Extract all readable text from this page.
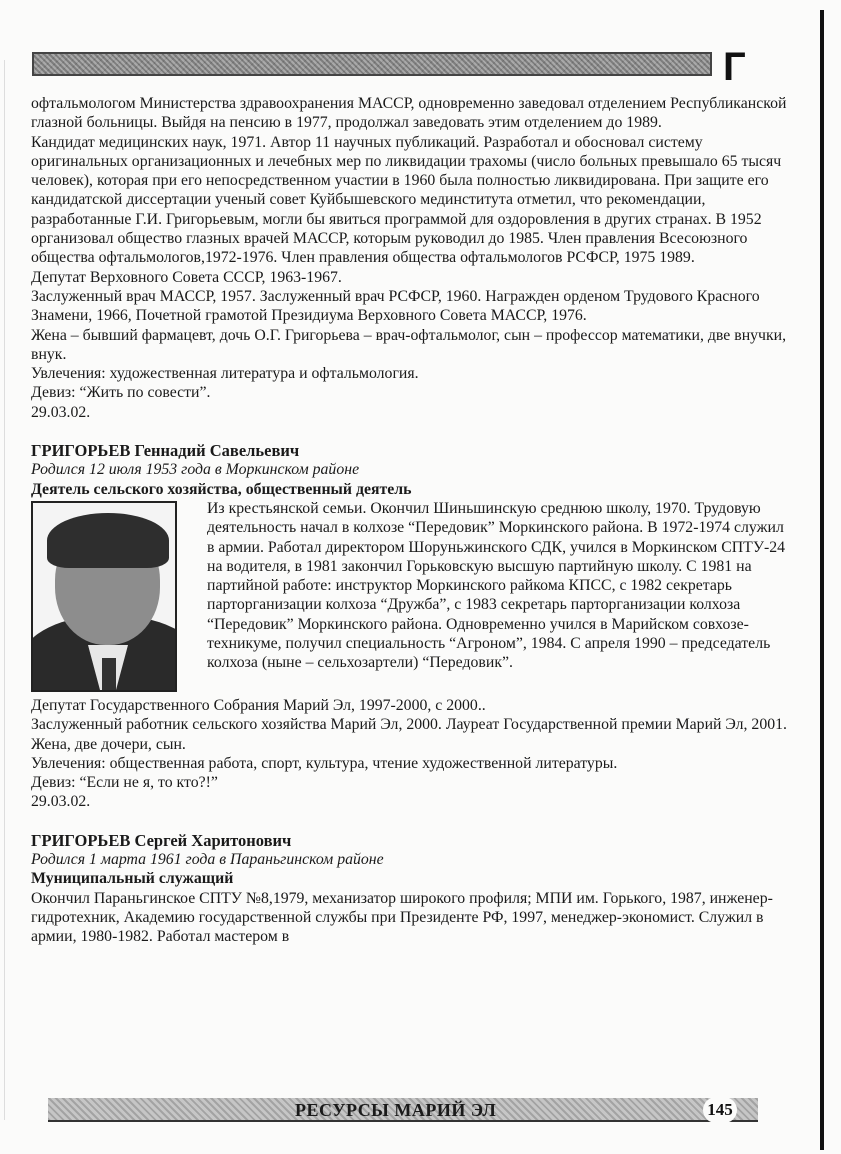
Г

офтальмологом Министерства здравоохранения МАССР, одновременно заведовал отделением Республиканской глазной больницы. Выйдя на пенсию в 1977, продолжал заведовать этим отделением до 1989.

Кандидат медицинских наук, 1971. Автор 11 научных публикаций. Разработал и обосновал систему оригинальных организационных и лечебных мер по ликвидации трахомы (число больных превышало 65 тысяч человек), которая при его непосредственном участии в 1960 была полностью ликвидирована. При защите его кандидатской диссертации ученый совет Куйбышевского мединститута отметил, что рекомендации, разработанные Г.И. Григорьевым, могли бы явиться программой для оздоровления в других странах. В 1952 организовал общество глазных врачей МАССР, которым руководил до 1985. Член правления Всесоюзного общества офтальмологов,1972-1976. Член правления общества офтальмологов РСФСР, 1975 1989.

Депутат Верховного Совета СССР, 1963-1967.

Заслуженный врач МАССР, 1957. Заслуженный врач РСФСР, 1960. Награжден орденом Трудового Красного Знамени, 1966, Почетной грамотой Президиума Верховного Совета МАССР, 1976.

Жена – бывший фармацевт, дочь О.Г. Григорьева – врач-офтальмолог, сын – профессор математики, две внучки, внук.

Увлечения: художественная литература и офтальмология.

Девиз: “Жить по совести”.

29.03.02.

ГРИГОРЬЕВ Геннадий Савельевич

Родился 12 июля 1953 года в Моркинском районе

Деятель сельского хозяйства, общественный деятель

Из крестьянской семьи. Окончил Шиньшинскую среднюю школу, 1970. Трудовую деятельность начал в колхозе “Передовик” Моркинского района. В 1972-1974 служил в армии. Работал директором Шоруньжинского СДК, учился в Моркинском СПТУ-24 на водителя, в 1981 закончил Горьковскую высшую партийную школу. С 1981 на партийной работе: инструктор Моркинского райкома КПСС, с 1982 секретарь парторганизации колхоза “Дружба”, с 1983 секретарь парторганизации колхоза “Передовик” Моркинского района. Одновременно учился в Марийском совхозе-техникуме, получил специальность “Агроном”, 1984. С апреля 1990 – председатель колхоза (ныне – сельхозартели) “Передовик”.

Депутат Государственного Собрания Марий Эл, 1997-2000, с 2000..

Заслуженный работник сельского хозяйства Марий Эл, 2000. Лауреат Государственной премии Марий Эл, 2001.

Жена, две дочери, сын.

Увлечения: общественная работа, спорт, культура, чтение художественной литературы.

Девиз: “Если не я, то кто?!”

29.03.02.

ГРИГОРЬЕВ Сергей Харитонович

Родился 1 марта 1961 года в Параньгинском районе

Муниципальный служащий

Окончил Параньгинское СПТУ №8,1979, механизатор широкого профиля; МПИ им. Горького, 1987, инженер-гидротехник, Академию государственной службы при Президенте РФ, 1997, менеджер-экономист. Служил в армии, 1980-1982. Работал мастером в

РЕСУРСЫ МАРИЙ ЭЛ	145
